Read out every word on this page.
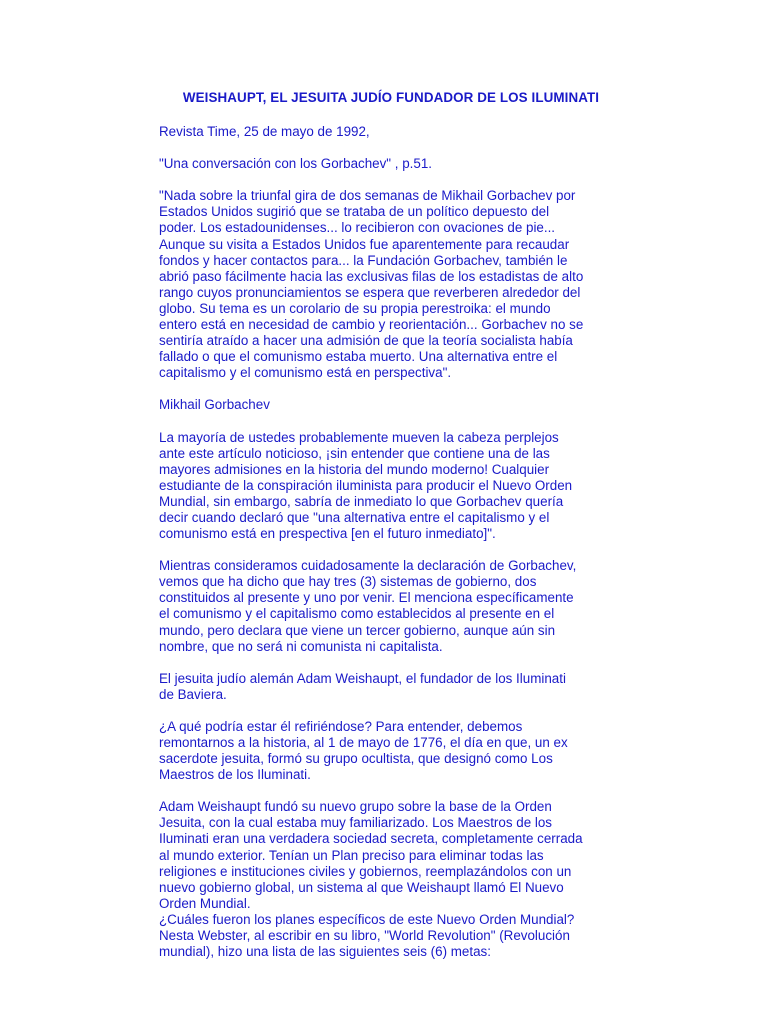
WEISHAUPT, EL JESUITA JUDÍO FUNDADOR DE LOS ILUMINATI

Revista Time, 25 de mayo de 1992,

"Una conversación con los Gorbachev" , p.51.

"Nada sobre la triunfal gira de dos semanas de Mikhail Gorbachev por
Estados Unidos sugirió que se trataba de un político depuesto del
poder. Los estadounidenses... lo recibieron con ovaciones de pie...
Aunque su visita a Estados Unidos fue aparentemente para recaudar
fondos y hacer contactos para... la Fundación Gorbachev, también le
abrió paso fácilmente hacia las exclusivas filas de los estadistas de alto
rango cuyos pronunciamientos se espera que reverberen alrededor del
globo. Su tema es un corolario de su propia perestroika: el mundo
entero está en necesidad de cambio y reorientación... Gorbachev no se
sentiría atraído a hacer una admisión de que la teoría socialista había
fallado o que el comunismo estaba muerto. Una alternativa entre el
capitalismo y el comunismo está en perspectiva".

Mikhail Gorbachev

La mayoría de ustedes probablemente mueven la cabeza perplejos
ante este artículo noticioso, ¡sin entender que contiene una de las
mayores admisiones en la historia del mundo moderno! Cualquier
estudiante de la conspiración iluminista para producir el Nuevo Orden
Mundial, sin embargo, sabría de inmediato lo que Gorbachev quería
decir cuando declaró que "una alternativa entre el capitalismo y el
comunismo está en prespectiva [en el futuro inmediato]".

Mientras consideramos cuidadosamente la declaración de Gorbachev,
vemos que ha dicho que hay tres (3) sistemas de gobierno, dos
constituidos al presente y uno por venir. El menciona específicamente
el comunismo y el capitalismo como establecidos al presente en el
mundo, pero declara que viene un tercer gobierno, aunque aún sin
nombre, que no será ni comunista ni capitalista.

El jesuita judío alemán Adam Weishaupt, el fundador de los Iluminati
de Baviera.

¿A qué podría estar él refiriéndose? Para entender, debemos
remontarnos a la historia, al 1 de mayo de 1776, el día en que, un ex
sacerdote jesuita, formó su grupo ocultista, que designó como Los
Maestros de los Iluminati.

Adam Weishaupt fundó su nuevo grupo sobre la base de la Orden
Jesuita, con la cual estaba muy familiarizado. Los Maestros de los
Iluminati eran una verdadera sociedad secreta, completamente cerrada
al mundo exterior. Tenían un Plan preciso para eliminar todas las
religiones e instituciones civiles y gobiernos, reemplazándolos con un
nuevo gobierno global, un sistema al que Weishaupt llamó El Nuevo
Orden Mundial.

¿Cuáles fueron los planes específicos de este Nuevo Orden Mundial?
Nesta Webster, al escribir en su libro, "World Revolution" (Revolución
mundial), hizo una lista de las siguientes seis (6) metas:
